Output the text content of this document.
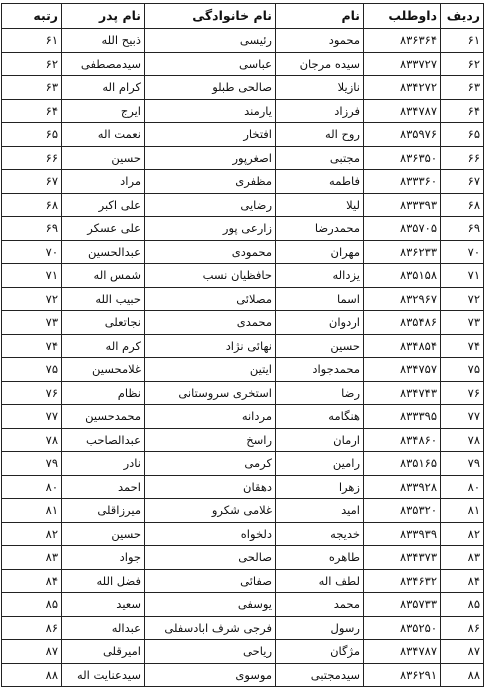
ردیف	داوطلب	نام	نام خانوادگی	نام پدر	رتبه
۶۱	۸۳۶۳۶۴	محمود	رئیسی	ذبیح الله	۶۱
۶۲	۸۳۳۷۲۷	سیده مرجان	عباسی	سیدمصطفی	۶۲
۶۳	۸۳۴۲۷۲	نازیلا	صالحی طبلو	کرام اله	۶۳
۶۴	۸۳۴۷۸۷	فرزاد	یارمند	ایرج	۶۴
۶۵	۸۳۵۹۷۶	روح اله	افتخار	نعمت اله	۶۵
۶۶	۸۳۶۳۵۰	مجتبی	اصغرپور	حسین	۶۶
۶۷	۸۳۳۳۶۰	فاطمه	مظفری	مراد	۶۷
۶۸	۸۳۳۳۹۳	لیلا	رضایی	علی اکبر	۶۸
۶۹	۸۳۵۷۰۵	محمدرضا	زارعی پور	علی عسکر	۶۹
۷۰	۸۳۶۲۳۳	مهران	محمودی	عبدالحسین	۷۰
۷۱	۸۳۵۱۵۸	یزداله	حافظیان نسب	شمس اله	۷۱
۷۲	۸۳۲۹۶۷	اسما	مصلائی	حبیب الله	۷۲
۷۳	۸۳۵۴۸۶	اردوان	محمدی	نجاتعلی	۷۳
۷۴	۸۳۴۸۵۴	حسین	نهائی نژاد	کرم اله	۷۴
۷۵	۸۳۴۷۵۷	محمدجواد	ایتین	غلامحسین	۷۵
۷۶	۸۳۴۷۴۳	رضا	استخری سروستانی	نظام	۷۶
۷۷	۸۳۳۳۹۵	هنگامه	مردانه	محمدحسین	۷۷
۷۸	۸۳۴۸۶۰	ارمان	راسخ	عبدالصاحب	۷۸
۷۹	۸۳۵۱۶۵	رامین	کرمی	نادر	۷۹
۸۰	۸۳۳۹۲۸	زهرا	دهقان	احمد	۸۰
۸۱	۸۳۵۳۲۰	امید	غلامی شکرو	میرزاقلی	۸۱
۸۲	۸۳۳۹۳۹	خدیجه	دلخواه	حسین	۸۲
۸۳	۸۳۴۳۷۳	طاهره	صالحی	جواد	۸۳
۸۴	۸۳۴۶۳۲	لطف اله	صفائی	فضل الله	۸۴
۸۵	۸۳۵۷۳۳	محمد	یوسفی	سعید	۸۵
۸۶	۸۳۵۲۵۰	رسول	فرجی شرف ابادسفلی	عبداله	۸۶
۸۷	۸۳۴۷۸۷	مژگان	ریاحی	امیرقلی	۸۷
۸۸	۸۳۶۲۹۱	سیدمجتبی	موسوی	سیدعنایت اله	۸۸
